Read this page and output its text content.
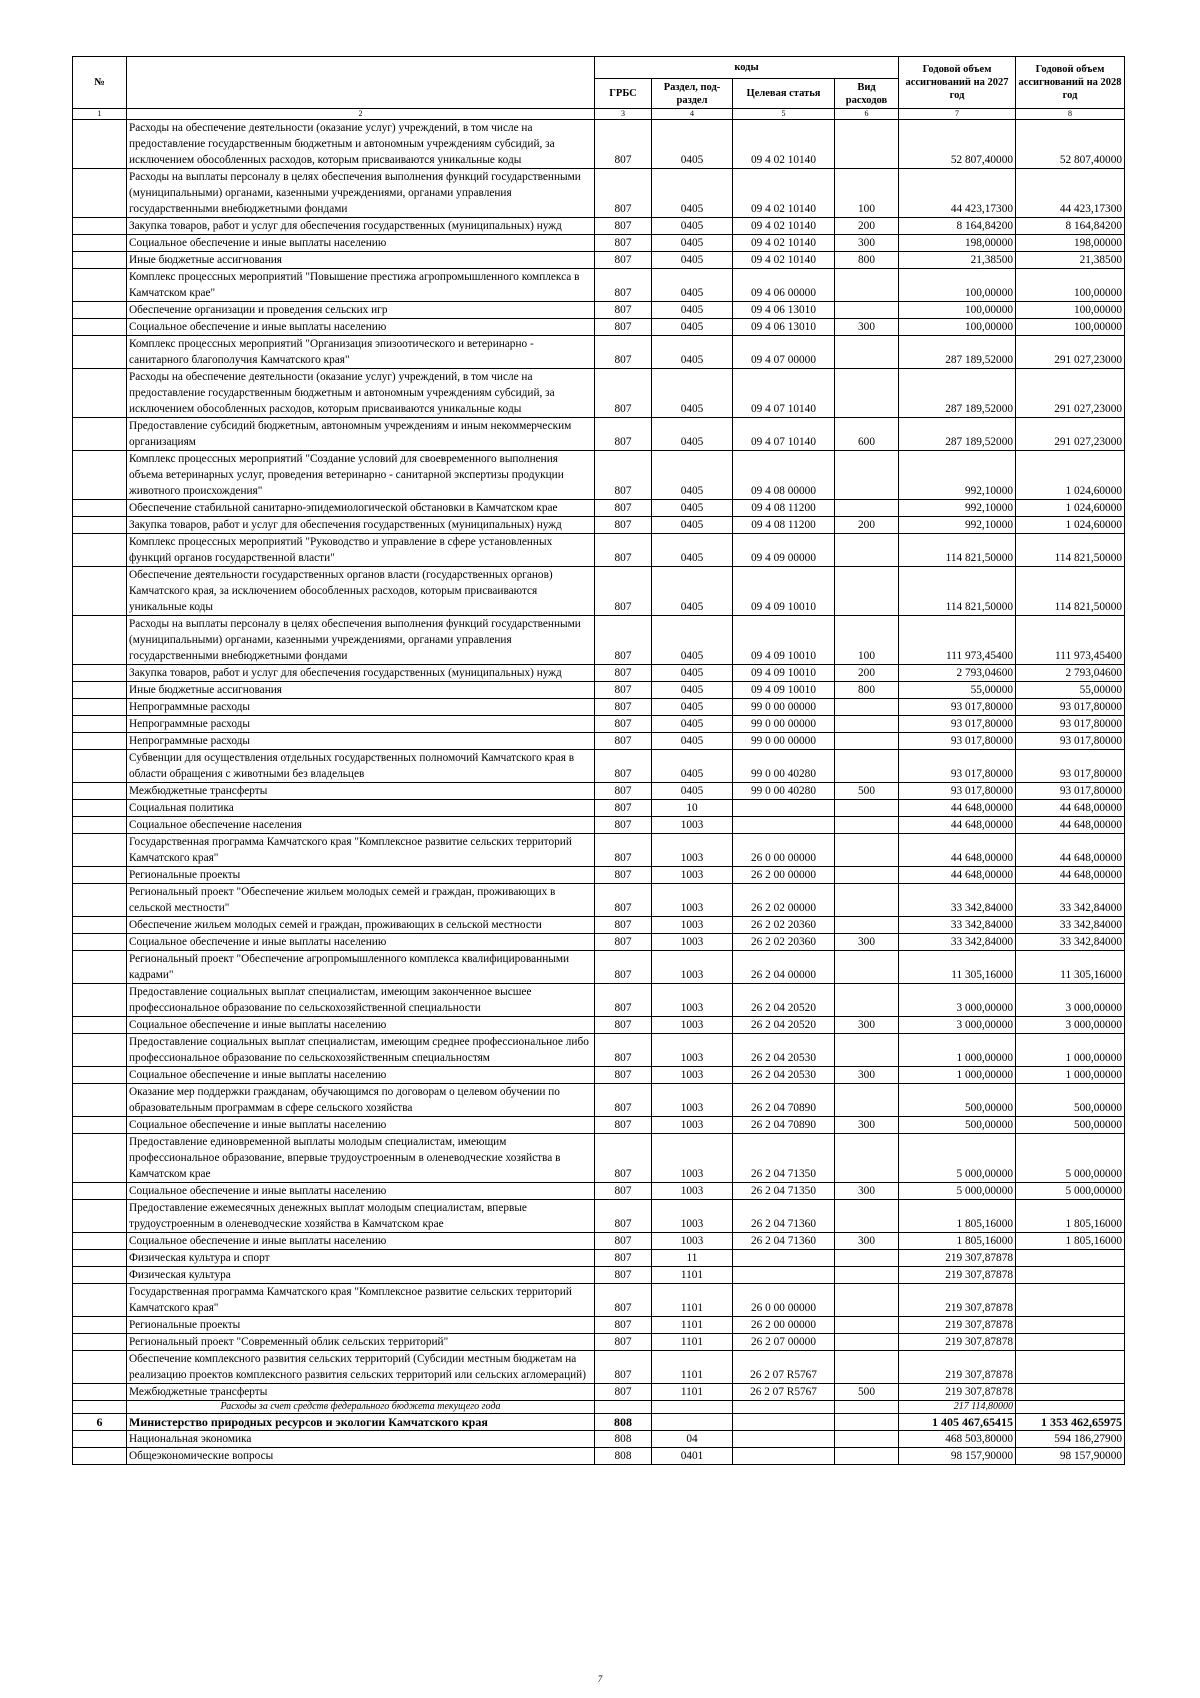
№		коды				Годовой объем ассигнований на 2027 год	Годовой объем ассигнований на 2028 год
		ГРБС	Раздел, под-раздел	Целевая статья	Вид расходов		
1	2	3	4	5	6	7	8
	Расходы на обеспечение деятельности (оказание услуг) учреждений, в том числе на предоставление государственным бюджетным и автономным учреждениям субсидий, за исключением обособленных расходов, которым присваиваются уникальные коды	807	0405	09 4 02 10140		52 807,40000	52 807,40000
	Расходы на выплаты персоналу в целях обеспечения выполнения функций государственными (муниципальными) органами, казенными учреждениями, органами управления государственными внебюджетными фондами	807	0405	09 4 02 10140	100	44 423,17300	44 423,17300
	Закупка товаров, работ и услуг для обеспечения государственных (муниципальных) нужд	807	0405	09 4 02 10140	200	8 164,84200	8 164,84200
	Социальное обеспечение и иные выплаты населению	807	0405	09 4 02 10140	300	198,00000	198,00000
	Иные бюджетные ассигнования	807	0405	09 4 02 10140	800	21,38500	21,38500
	Комплекс процессных мероприятий "Повышение престижа агропромышленного комплекса в Камчатском крае"	807	0405	09 4 06 00000		100,00000	100,00000
	Обеспечение организации и проведения сельских игр	807	0405	09 4 06 13010		100,00000	100,00000
	Социальное обеспечение и иные выплаты населению	807	0405	09 4 06 13010	300	100,00000	100,00000
	Комплекс процессных мероприятий "Организация эпизоотического и ветеринарно - санитарного благополучия Камчатского края"	807	0405	09 4 07 00000		287 189,52000	291 027,23000
	Расходы на обеспечение деятельности (оказание услуг) учреждений, в том числе на предоставление государственным бюджетным и автономным учреждениям субсидий, за исключением обособленных расходов, которым присваиваются уникальные коды	807	0405	09 4 07 10140		287 189,52000	291 027,23000
	Предоставление субсидий бюджетным, автономным учреждениям и иным некоммерческим организациям	807	0405	09 4 07 10140	600	287 189,52000	291 027,23000
	Комплекс процессных мероприятий "Создание условий для своевременного выполнения объема ветеринарных услуг, проведения ветеринарно - санитарной экспертизы продукции животного происхождения"	807	0405	09 4 08 00000		992,10000	1 024,60000
	Обеспечение стабильной санитарно-эпидемиологической обстановки в Камчатском крае	807	0405	09 4 08 11200		992,10000	1 024,60000
	Закупка товаров, работ и услуг для обеспечения государственных (муниципальных) нужд	807	0405	09 4 08 11200	200	992,10000	1 024,60000
	Комплекс процессных мероприятий "Руководство и управление в сфере установленных функций органов государственной власти"	807	0405	09 4 09 00000		114 821,50000	114 821,50000
	Обеспечение деятельности государственных органов власти (государственных органов) Камчатского края, за исключением обособленных расходов, которым присваиваются уникальные коды	807	0405	09 4 09 10010		114 821,50000	114 821,50000
	Расходы на выплаты персоналу в целях обеспечения выполнения функций государственными (муниципальными) органами, казенными учреждениями, органами управления государственными внебюджетными фондами	807	0405	09 4 09 10010	100	111 973,45400	111 973,45400
	Закупка товаров, работ и услуг для обеспечения государственных (муниципальных) нужд	807	0405	09 4 09 10010	200	2 793,04600	2 793,04600
	Иные бюджетные ассигнования	807	0405	09 4 09 10010	800	55,00000	55,00000
	Непрограммные расходы	807	0405	99 0 00 00000		93 017,80000	93 017,80000
	Непрограммные расходы	807	0405	99 0 00 00000		93 017,80000	93 017,80000
	Непрограммные расходы	807	0405	99 0 00 00000		93 017,80000	93 017,80000
	Субвенции для осуществления отдельных государственных полномочий Камчатского края в области обращения с животными без владельцев	807	0405	99 0 00 40280		93 017,80000	93 017,80000
	Межбюджетные трансферты	807	0405	99 0 00 40280	500	93 017,80000	93 017,80000
	Социальная политика	807	10			44 648,00000	44 648,00000
	Социальное обеспечение населения	807	1003			44 648,00000	44 648,00000
	Государственная программа Камчатского края "Комплексное развитие сельских территорий Камчатского края"	807	1003	26 0 00 00000		44 648,00000	44 648,00000
	Региональные проекты	807	1003	26 2 00 00000		44 648,00000	44 648,00000
	Региональный проект "Обеспечение жильем молодых семей и граждан, проживающих в сельской местности"	807	1003	26 2 02 00000		33 342,84000	33 342,84000
	Обеспечение жильем молодых семей и граждан, проживающих в сельской местности	807	1003	26 2 02 20360		33 342,84000	33 342,84000
	Социальное обеспечение и иные выплаты населению	807	1003	26 2 02 20360	300	33 342,84000	33 342,84000
	Региональный проект "Обеспечение агропромышленного комплекса квалифицированными кадрами"	807	1003	26 2 04 00000		11 305,16000	11 305,16000
	Предоставление социальных выплат специалистам, имеющим законченное высшее профессиональное образование по сельскохозяйственной специальности	807	1003	26 2 04 20520		3 000,00000	3 000,00000
	Социальное обеспечение и иные выплаты населению	807	1003	26 2 04 20520	300	3 000,00000	3 000,00000
	Предоставление социальных выплат специалистам, имеющим среднее профессиональное либо профессиональное образование по сельскохозяйственным специальностям	807	1003	26 2 04 20530		1 000,00000	1 000,00000
	Социальное обеспечение и иные выплаты населению	807	1003	26 2 04 20530	300	1 000,00000	1 000,00000
	Оказание мер поддержки гражданам, обучающимся по договорам о целевом обучении по образовательным программам в сфере сельского хозяйства	807	1003	26 2 04 70890		500,00000	500,00000
	Социальное обеспечение и иные выплаты населению	807	1003	26 2 04 70890	300	500,00000	500,00000
	Предоставление единовременной выплаты молодым специалистам, имеющим профессиональное образование, впервые трудоустроенным в оленеводческие хозяйства в Камчатском крае	807	1003	26 2 04 71350		5 000,00000	5 000,00000
	Социальное обеспечение и иные выплаты населению	807	1003	26 2 04 71350	300	5 000,00000	5 000,00000
	Предоставление ежемесячных денежных выплат молодым специалистам, впервые трудоустроенным в оленеводческие хозяйства в Камчатском крае	807	1003	26 2 04 71360		1 805,16000	1 805,16000
	Социальное обеспечение и иные выплаты населению	807	1003	26 2 04 71360	300	1 805,16000	1 805,16000
	Физическая культура и спорт	807	11			219 307,87878	
	Физическая культура	807	1101			219 307,87878	
	Государственная программа Камчатского края "Комплексное развитие сельских территорий Камчатского края"	807	1101	26 0 00 00000		219 307,87878	
	Региональные проекты	807	1101	26 2 00 00000		219 307,87878	
	Региональный проект "Современный облик сельских территорий"	807	1101	26 2 07 00000		219 307,87878	
	Обеспечение комплексного развития сельских территорий (Субсидии местным бюджетам на реализацию проектов комплексного развития сельских территорий или сельских агломераций)	807	1101	26 2 07 R5767		219 307,87878	
	Межбюджетные трансферты	807	1101	26 2 07 R5767	500	219 307,87878	
	Расходы за счет средств федерального бюджета текущего года					217 114,80000	
6	Министерство природных ресурсов и экологии Камчатского края	808				1 405 467,65415	1 353 462,65975
	Национальная экономика	808	04			468 503,80000	594 186,27900
	Общеэкономические вопросы	808	0401			98 157,90000	98 157,90000
7
